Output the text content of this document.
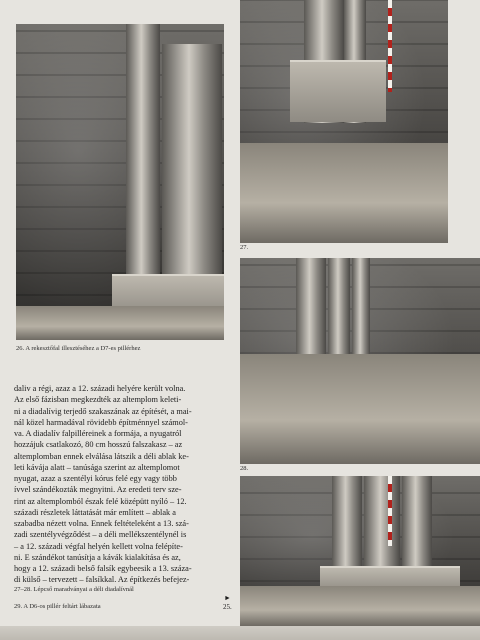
26. A rekesztőfal illesztéséhez a D7-es pillérhez
27.
28.

daliv a régi, azaz a 12. századi helyére került volna.

Az első fázisban megkezdték az altemplom keleti-

ni a diadalívig terjedő szakaszának az építését, a mai-

nál közel harmadával rövidebb építménnyel számol-

va. A diadalív falpilléreinek a formája, a nyugatról

hozzájuk csatlakozó, 80 cm hosszú falszakasz – az

altemplomban ennek elválása látszik a déli ablak ke-

leti kávája alatt – tanúsága szerint az altemplomot

nyugat, azaz a szentélyi kórus felé egy vagy több

ívvel szándékozták megnyitni. Az eredeti terv sze-

rint az altemplomból észak felé középütt nyíló – 12.

századi részletek láttatását már említett – ablak a

szabadba nézett volna. Ennek feltételeként a 13. szá-

zadi szentélyvégződést – a déli mellékszentélynél is

– a 12. századi végfal helyén kellett volna felépíte-

ni. E szándékot tanúsítja a kávák kialakítása és az,

hogy a 12. századi belső falsík egybeesik a 13. száza-

di külső – tervezett – falsíkkal. Az építkezés befejez-

27–28. Lépcső maradványai a déli diadalívnál
29. A D6-os pillér feltárt lábazata
►
25.
